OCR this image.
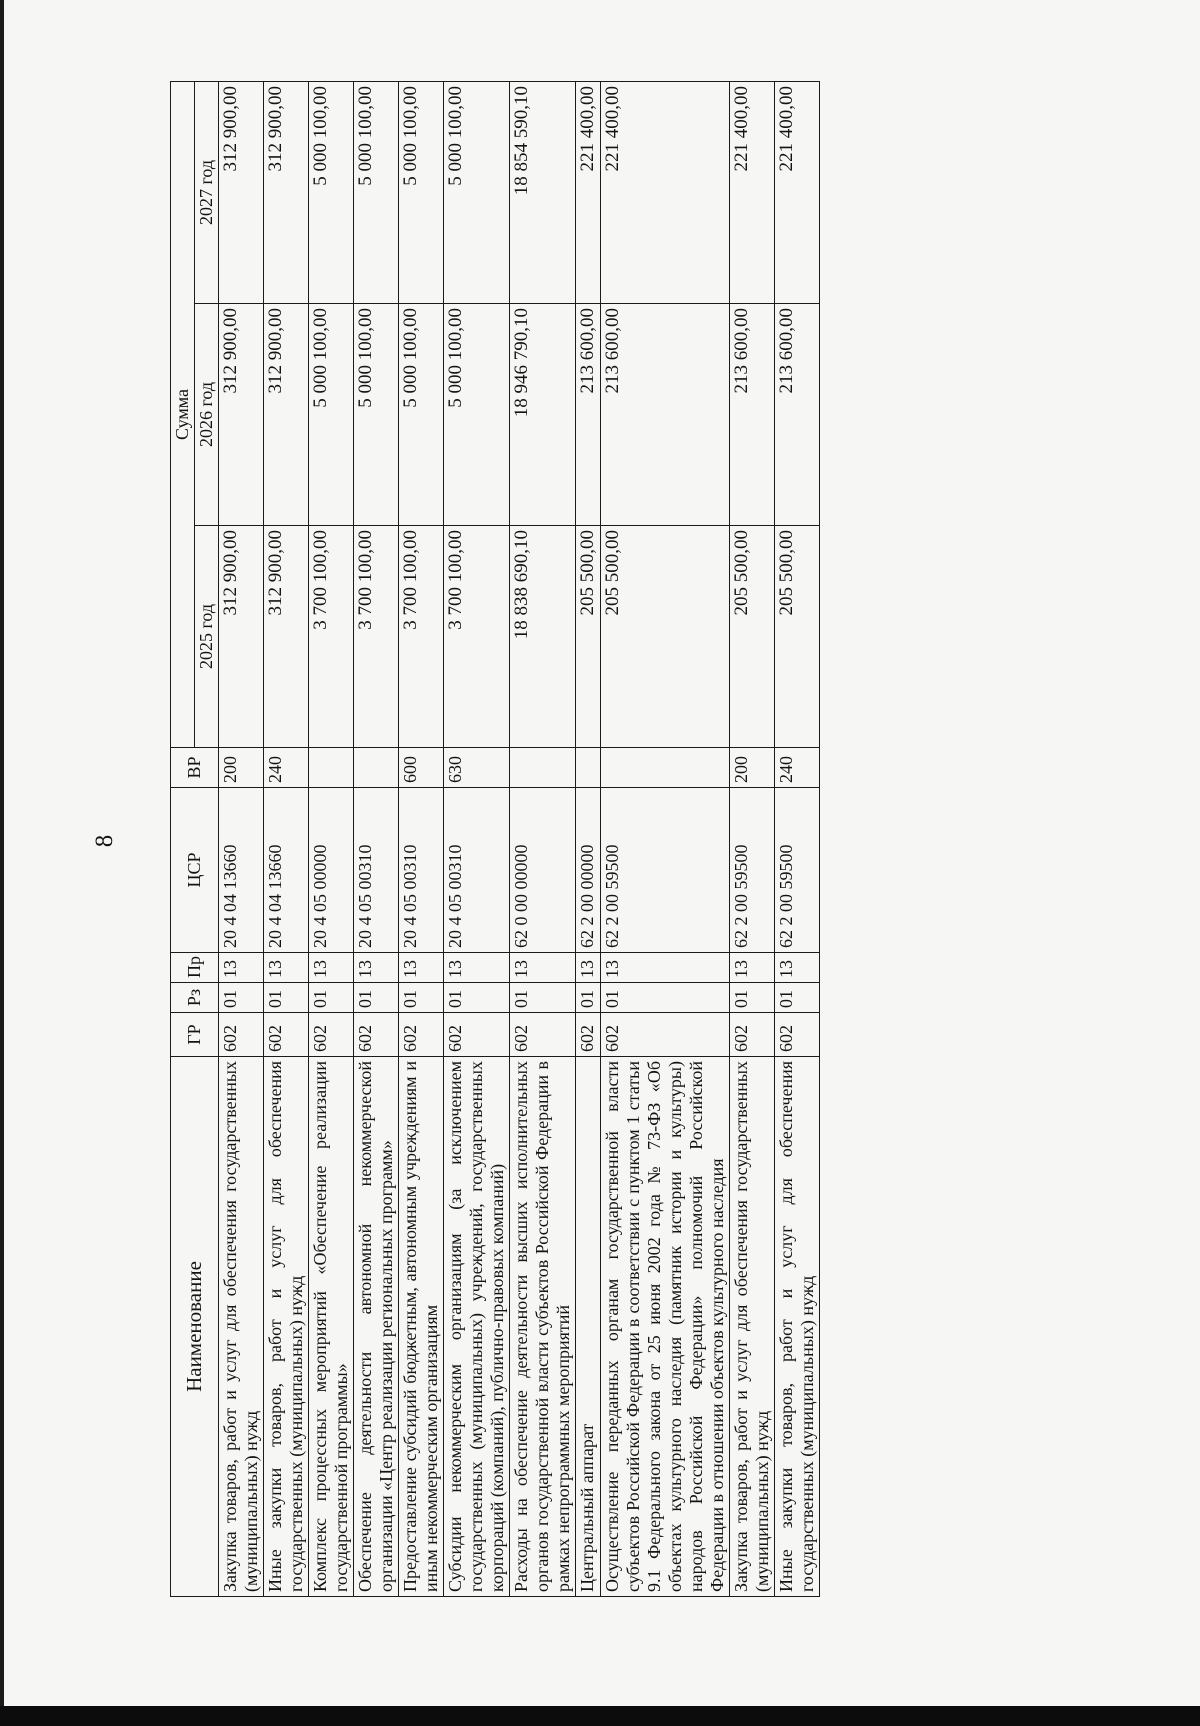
8
Наименование	ГР	Рз	Пр	ЦСР	ВР	Сумма		
						2025 год	2026 год	2027 год
Закупка товаров, работ и услуг для обеспечения государственных (муниципальных) нужд	602	01	13	20 4 04 13660	200	312 900,00	312 900,00	312 900,00
Иные закупки товаров, работ и услуг для обеспечения государственных (муниципальных) нужд	602	01	13	20 4 04 13660	240	312 900,00	312 900,00	312 900,00
Комплекс процессных мероприятий «Обеспечение реализации государственной программы»	602	01	13	20 4 05 00000		3 700 100,00	5 000 100,00	5 000 100,00
Обеспечение деятельности автономной некоммерческой организации «Центр реализации региональных программ»	602	01	13	20 4 05 00310		3 700 100,00	5 000 100,00	5 000 100,00
Предоставление субсидий бюджетным, автономным учреждениям и иным некоммерческим организациям	602	01	13	20 4 05 00310	600	3 700 100,00	5 000 100,00	5 000 100,00
Субсидии некоммерческим организациям (за исключением государственных (муниципальных) учреждений, государственных корпораций (компаний), публично-правовых компаний)	602	01	13	20 4 05 00310	630	3 700 100,00	5 000 100,00	5 000 100,00
Расходы на обеспечение деятельности высших исполнительных органов государственной власти субъектов Российской Федерации в рамках непрограммных мероприятий	602	01	13	62 0 00 00000		18 838 690,10	18 946 790,10	18 854 590,10
Центральный аппарат	602	01	13	62 2 00 00000		205 500,00	213 600,00	221 400,00
Осуществление переданных органам государственной власти субъектов Российской Федерации в соответствии с пунктом 1 статьи 9.1 Федерального закона от 25 июня 2002 года № 73-ФЗ «Об объектах культурного наследия (памятник истории и культуры) народов Российской Федерации» полномочий Российской Федерации в отношении объектов культурного наследия	602	01	13	62 2 00 59500		205 500,00	213 600,00	221 400,00
Закупка товаров, работ и услуг для обеспечения государственных (муниципальных) нужд	602	01	13	62 2 00 59500	200	205 500,00	213 600,00	221 400,00
Иные закупки товаров, работ и услуг для обеспечения государственных (муниципальных) нужд	602	01	13	62 2 00 59500	240	205 500,00	213 600,00	221 400,00
